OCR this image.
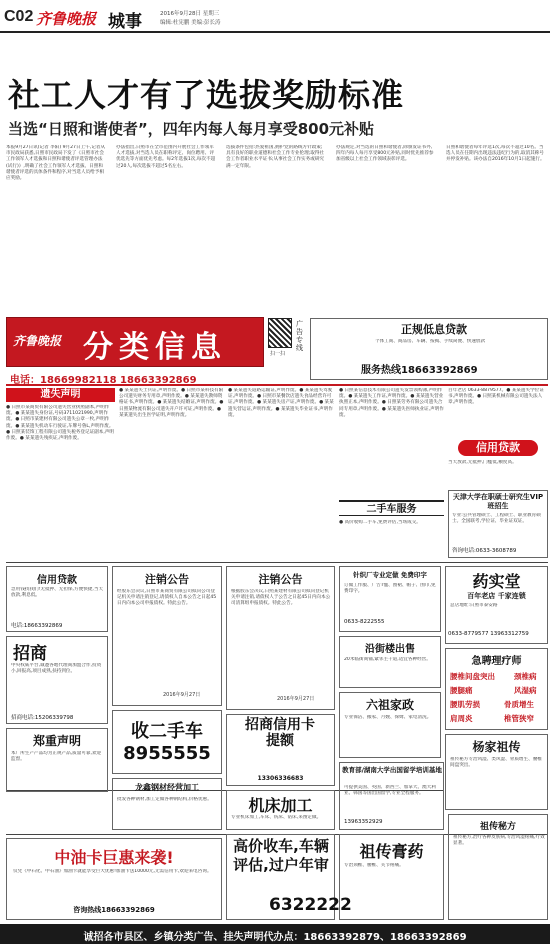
C02 齐鲁晚报 城事	2016年9月28日 星期三
编辑:杜宪鹏 美编:彭长涛
社工人才有了选拔奖励标准
当选“日照和谐使者”，四年内每人每月享受800元补贴
本报9月27日讯(记者 李阳) 9月27日上午,记者从市民政局获悉,日照市民政局下发了《日照市社会工作领军人才选拔和日照和谐使者评选管理办法(试行)》,明确了社会工作领军人才选拔、日照和谐使者评选的具体条件和程序,对当选人员给予相应奖励。
办法指出,日照市在全市范围内开展社会工作领军人才选拔,对当选人员在职称评定、岗位聘用、评优选先等方面优先考虑。每2年选拔1次,每次不超过20人,每次选拔不超过5名左右。
选拔条件包括:热爱祖国,拥护党的路线方针政策;具有良好的职业道德和社会工作专业伦理;取得社会工作者职业水平证书;从事社会工作实务或研究满一定年限。
办法规定,对当选的日照和谐使者,除颁发证书外,四年内每人每月享受800元补贴,同时优先推荐参加省级以上社会工作领域表彰评选。
日照和谐使者每年评选1次,每次不超过10名。当选人员在任期内出现违法违纪行为的,取消其称号并停发补贴。该办法自2016年10月1日起施行。
齐鲁晚报 分类信息
电话：18669982118 18663392869
扫一扫
广告专线
正规低息贷款
个体工商、商品房、车辆、按揭、手续简便、快速放款
服务热线18663392869
遗失声明
● 日照市某商贸有限公司遗失营业执照副本,声明作废。● 某某遗失身份证,号码3711021990,声明作废。● 日照市某建材有限公司遗失公章一枚,声明作废。● 某某遗失机动车行驶证,车牌号鲁L,声明作废。● 日照某装饰工程有限公司遗失税务登记证副本,声明作废。● 某某遗失残疾证,声明作废。
● 某某遗失士兵证,声明作废。● 日照市某科技有限公司遗失财务专用章,声明作废。● 某某遗失教师资格证书,声明作废。● 某某遗失结婚证,声明作废。● 日照某物流有限公司遗失开户许可证,声明作废。● 某某遗失出生医学证明,声明作废。
● 某某遗失道路运输证,声明作废。● 某某遗失驾驶证,声明作废。● 日照市某餐饮店遗失食品经营许可证,声明作废。● 某某遗失房产证,声明作废。● 某某遗失营运证,声明作废。● 某某遗失毕业证书,声明作废。
● 日照某信息技术有限公司遗失发票领购簿,声明作废。● 某某遗失工作证,声明作废。● 某某遗失营业执照正本,声明作废。● 日照某劳务有限公司遗失合同专用章,声明作废。● 某某遗失医师执业证,声明作废。
百年老店 0633-8879577。● 某某遗失学位证书,声明作废。● 日照某机械有限公司遗失法人章,声明作废。
信用贷款
当天放款,无抵押,门槛低,额度高。
天津大学在职硕士研究生VIP班招生
专业:公共管理硕士、工程硕士、职业教育硕士。全国联考,学位证、毕业证双证。
咨询电话:0633-3608789
二手车服务
● 高价收购二手车,免费评估,当场成交。
信用贷款
急用钱找我们!无抵押、无担保,方便快捷,当天放款,利息低。
电话:18663392869
招商
中央权威平台,诚邀各地代理商加盟合作,投资小,回报高,项目成熟,扶持到位。
招商电话:15206339798
注销公告
经股东会决议,日照市某商贸有限公司拟向公司登记机关申请注销登记,请债权人自本公告之日起45日内向本公司申报债权。特此公告。
2016年9月27日
注销公告
根据股东会决议,日照某建材有限公司拟向登记机关申请注销,请债权人于公告之日起45日内向本公司清算组申报债权。特此公告。
2016年9月27日
针织厂专业定做 免费印字
订做工作服、广告T恤、围裙、帽子、围巾,免费印字。
0633-8222555
沿街楼出售
20米临街商铺,紧邻主干道,适宜各种经营。
六祖家政
专业保洁、搬家、月嫂、保姆、家电清洗。
药实堂
百年老店 千家连锁
总店地址:日照市泰安路
0633-8779577 13963312759
急聘理疗师
腰椎间盘突出	颈椎病
腰腿痛	风湿病
腰肌劳损	骨质增生
肩周炎	椎管狭窄
杨家祖传
祖传秘方专治风湿、类风湿、骨质增生、腰椎间盘突出。
收二手车
8955555
招商信用卡提额
13306336683
郑重声明
本厂所生产产品均为正规产品,质量可靠,欢迎监督。
龙鑫钢材经营加工
批发各种钢材,加工定做各种钢结构,价格优惠。	机床加工
专业机床加工,车床、铣床、钻床,来图定做。
教育部/湖南大学出国留学培训基地
可提供美国、英国、新西兰、加拿大、澳大利亚、韩国等国出国留学,专业全程服务。
13963352929
中油卡巨惠来袭!
仅凭《中石化、中石油》加油卡就能享受巨大优惠!加油卡送10000元,无需信用卡,欢迎来电咨询。
咨询热线18663392869
高价收车,车辆评估,过户年审
6322222
祖传膏药
专治颈椎、腰椎、关节疼痛。
祖传秘方
祖传秘方,治疗各种皮肤病,专治风湿疼痛,疗效显著。
诚招各市县区、乡镇分类广告、挂失声明代办点：18663392879、18663392869
